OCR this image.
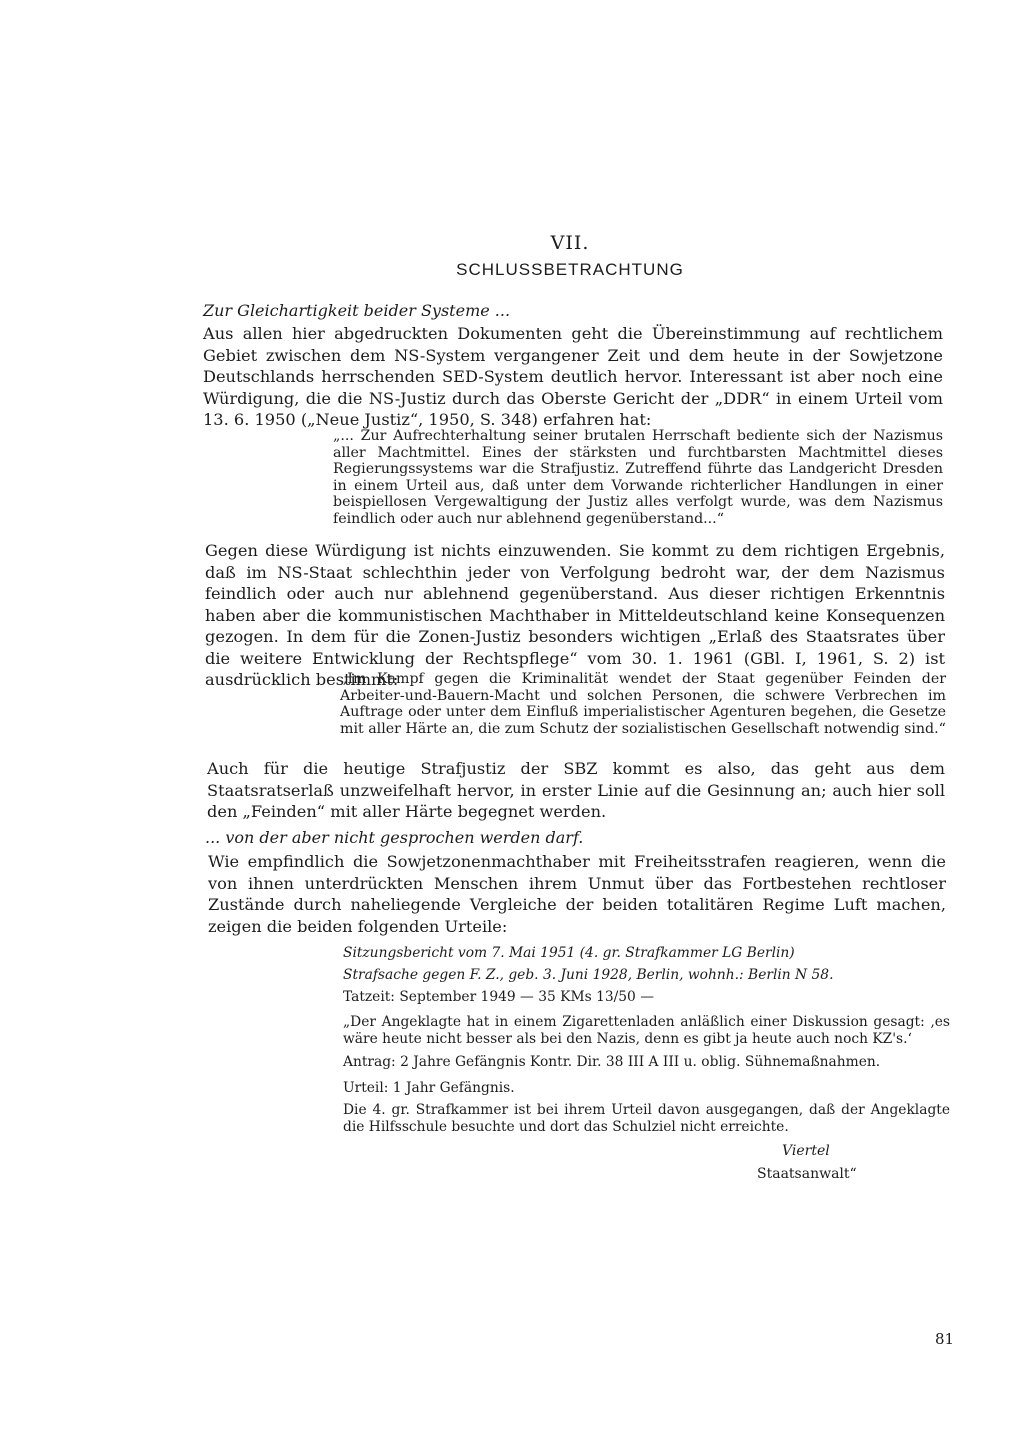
VII.
SCHLUSSBETRACHTUNG
Zur Gleichartigkeit beider Systeme ...
Aus allen hier abgedruckten Dokumenten geht die Übereinstimmung auf rechtlichem Gebiet zwischen dem NS-System vergangener Zeit und dem heute in der Sowjetzone Deutschlands herrschenden SED-System deutlich hervor. Interessant ist aber noch eine Würdigung, die die NS-Justiz durch das Oberste Gericht der „DDR“ in einem Urteil vom 13. 6. 1950 („Neue Justiz“, 1950, S. 348) erfahren hat:
„... Zur Aufrechterhaltung seiner brutalen Herrschaft bediente sich der Nazismus aller Machtmittel. Eines der stärksten und furchtbarsten Machtmittel dieses Regierungssystems war die Strafjustiz. Zutreffend führte das Landgericht Dresden in einem Urteil aus, daß unter dem Vorwande richterlicher Handlungen in einer beispiellosen Vergewaltigung der Justiz alles verfolgt wurde, was dem Nazismus feindlich oder auch nur ablehnend gegenüberstand...“
Gegen diese Würdigung ist nichts einzuwenden. Sie kommt zu dem richtigen Ergebnis, daß im NS-Staat schlechthin jeder von Verfolgung bedroht war, der dem Nazismus feindlich oder auch nur ablehnend gegenüberstand. Aus dieser richtigen Erkenntnis haben aber die kommunistischen Machthaber in Mitteldeutschland keine Konsequenzen gezogen. In dem für die Zonen-Justiz besonders wichtigen „Erlaß des Staatsrates über die weitere Entwicklung der Rechtspflege“ vom 30. 1. 1961 (GBl. I, 1961, S. 2) ist ausdrücklich bestimmt:
„Im Kampf gegen die Kriminalität wendet der Staat gegenüber Feinden der Arbeiter-und-Bauern-Macht und solchen Personen, die schwere Verbrechen im Auftrage oder unter dem Einfluß imperialistischer Agenturen begehen, die Gesetze mit aller Härte an, die zum Schutz der sozialistischen Gesellschaft notwendig sind.“
Auch für die heutige Strafjustiz der SBZ kommt es also, das geht aus dem Staatsratserlaß unzweifelhaft hervor, in erster Linie auf die Gesinnung an; auch hier soll den „Feinden“ mit aller Härte begegnet werden.
... von der aber nicht gesprochen werden darf.
Wie empfindlich die Sowjetzonenmachthaber mit Freiheitsstrafen reagieren, wenn die von ihnen unterdrückten Menschen ihrem Unmut über das Fortbestehen rechtloser Zustände durch naheliegende Vergleiche der beiden totalitären Regime Luft machen, zeigen die beiden folgenden Urteile:
Sitzungsbericht vom 7. Mai 1951 (4. gr. Strafkammer LG Berlin)
Strafsache gegen F. Z., geb. 3. Juni 1928, Berlin, wohnh.: Berlin N 58.
Tatzeit: September 1949 — 35 KMs 13/50 —
„Der Angeklagte hat in einem Zigarettenladen anläßlich einer Diskussion gesagt: ‚es wäre heute nicht besser als bei den Nazis, denn es gibt ja heute auch noch KZ's.‘
Antrag: 2 Jahre Gefängnis Kontr. Dir. 38 III A III u. oblig. Sühnemaßnahmen.
Urteil: 1 Jahr Gefängnis.
Die 4. gr. Strafkammer ist bei ihrem Urteil davon ausgegangen, daß der Angeklagte die Hilfsschule besuchte und dort das Schulziel nicht erreichte.
Viertel
Staatsanwalt“
81
